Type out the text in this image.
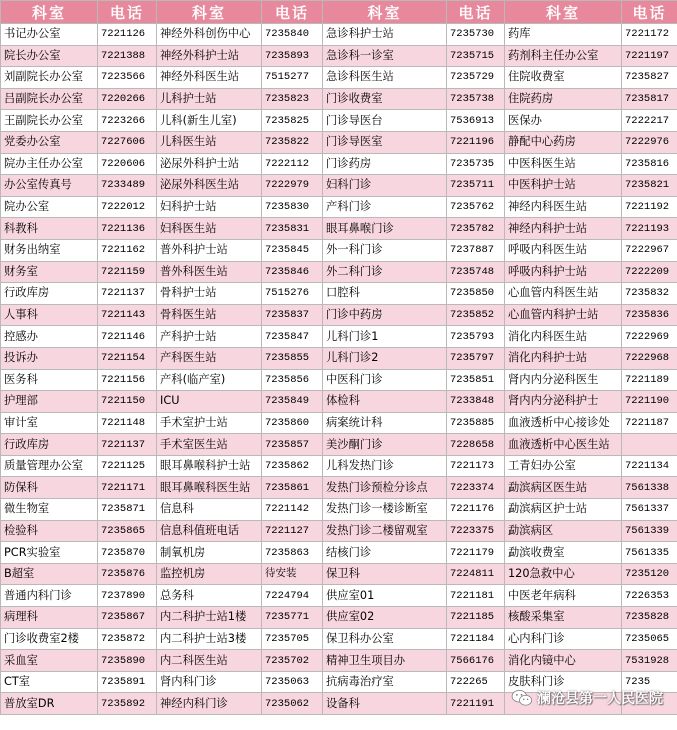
科室	电话	科室	电话	科室	电话	科室	电话
书记办公室	7221126	神经外科创伤中心	7235840	急诊科护士站	7235730	药库	7221172
院长办公室	7221388	神经外科护士站	7235893	急诊科一诊室	7235715	药剂科主任办公室	7221197
刘副院长办公室	7223566	神经外科医生站	7515277	急诊科医生站	7235729	住院收费室	7235827
吕副院长办公室	7220266	儿科护士站	7235823	门诊收费室	7235738	住院药房	7235817
王副院长办公室	7223266	儿科(新生儿室)	7235825	门诊导医台	7536913	医保办	7222217
党委办公室	7227606	儿科医生站	7235822	门诊导医室	7221196	静配中心药房	7222976
院办主任办公室	7220606	泌尿外科护士站	7222112	门诊药房	7235735	中医科医生站	7235816
办公室传真号	7233489	泌尿外科医生站	7222979	妇科门诊	7235711	中医科护士站	7235821
院办公室	7222012	妇科护士站	7235830	产科门诊	7235762	神经内科医生站	7221192
科教科	7221136	妇科医生站	7235831	眼耳鼻喉门诊	7235782	神经内科护士站	7221193
财务出纳室	7221162	普外科护士站	7235845	外一科门诊	7237887	呼吸内科医生站	7222967
财务室	7221159	普外科医生站	7235846	外二科门诊	7235748	呼吸内科护士站	7222209
行政库房	7221137	骨科护士站	7515276	口腔科	7235850	心血管内科医生站	7235832
人事科	7221143	骨科医生站	7235837	门诊中药房	7235852	心血管内科护士站	7235836
控感办	7221146	产科护士站	7235847	儿科门诊1	7235793	消化内科医生站	7222969
投诉办	7221154	产科医生站	7235855	儿科门诊2	7235797	消化内科护士站	7222968
医务科	7221156	产科(临产室)	7235856	中医科门诊	7235851	肾内内分泌科医生	7221189
护理部	7221150	ICU	7235849	体检科	7233848	肾内内分泌科护士	7221190
审计室	7221148	手术室护士站	7235860	病案统计科	7235885	血液透析中心接诊处	7221187
行政库房	7221137	手术室医生站	7235857	美沙酮门诊	7228658	血液透析中心医生站	
质量管理办公室	7221125	眼耳鼻喉科护士站	7235862	儿科发热门诊	7221173	工青妇办公室	7221134
防保科	7221171	眼耳鼻喉科医生站	7235861	发热门诊预检分诊点	7223374	勐滨病区医生站	7561338
微生物室	7235871	信息科	7221142	发热门诊一楼诊断室	7221176	勐滨病区护士站	7561337
检验科	7235865	信息科值班电话	7221127	发热门诊二楼留观室	7223375	勐滨病区	7561339
PCR实验室	7235870	制氧机房	7235863	结核门诊	7221179	勐滨收费室	7561335
B超室	7235876	监控机房	待安装	保卫科	7224811	120急救中心	7235120
普通内科门诊	7237890	总务科	7224794	供应室01	7221181	中医老年病科	7226353
病理科	7235867	内二科护士站1楼	7235771	供应室02	7221185	核酸采集室	7235828
门诊收费室2楼	7235872	内二科护士站3楼	7235705	保卫科办公室	7221184	心内科门诊	7235065
采血室	7235890	内二科医生站	7235702	精神卫生项目办	7566176	消化内镜中心	7531928
CT室	7235891	肾内科门诊	7235063	抗病毒治疗室	722265	皮肤科门诊	7235
普放室DR	7235892	神经内科门诊	7235062	设备科	7221191			澜沧县第一人民医院
